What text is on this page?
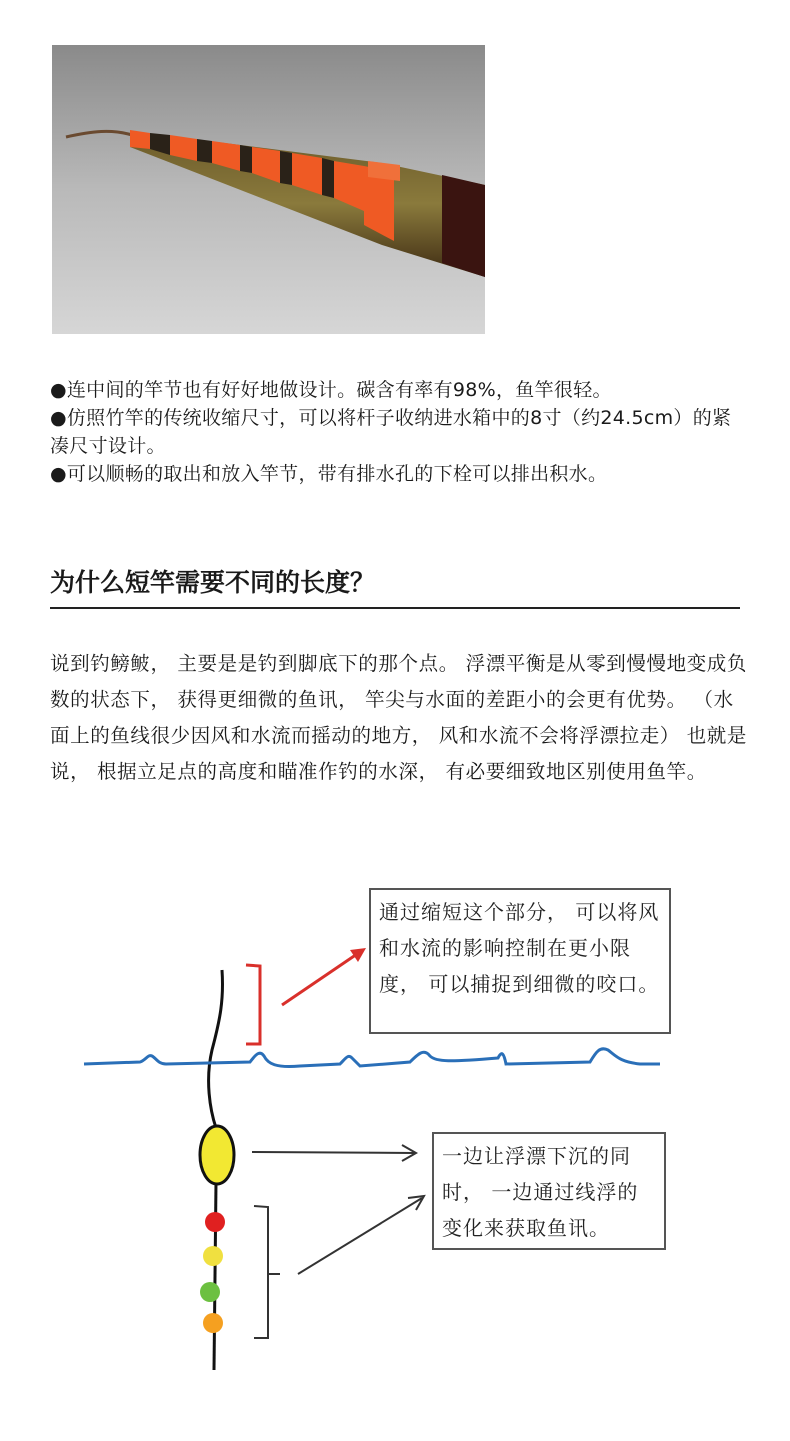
●连中间的竿节也有好好地做设计。碳含有率有98%，鱼竿很轻。

●仿照竹竿的传统收缩尺寸，可以将杆子收纳进水箱中的8寸（约24.5cm）的紧凑尺寸设计。

●可以顺畅的取出和放入竿节，带有排水孔的下栓可以排出积水。

为什么短竿需要不同的长度？
说到钓鳑鲏， 主要是是钓到脚底下的那个点。 浮漂平衡是从零到慢慢地变成负数的状态下， 获得更细微的鱼讯， 竿尖与水面的差距小的会更有优势。 （水面上的鱼线很少因风和水流而摇动的地方， 风和水流不会将浮漂拉走） 也就是说， 根据立足点的高度和瞄准作钓的水深， 有必要细致地区别使用鱼竿。
通过缩短这个部分， 可以将风和水流的影响控制在更小限度， 可以捕捉到细微的咬口。
一边让浮漂下沉的同时， 一边通过线浮的变化来获取鱼讯。
